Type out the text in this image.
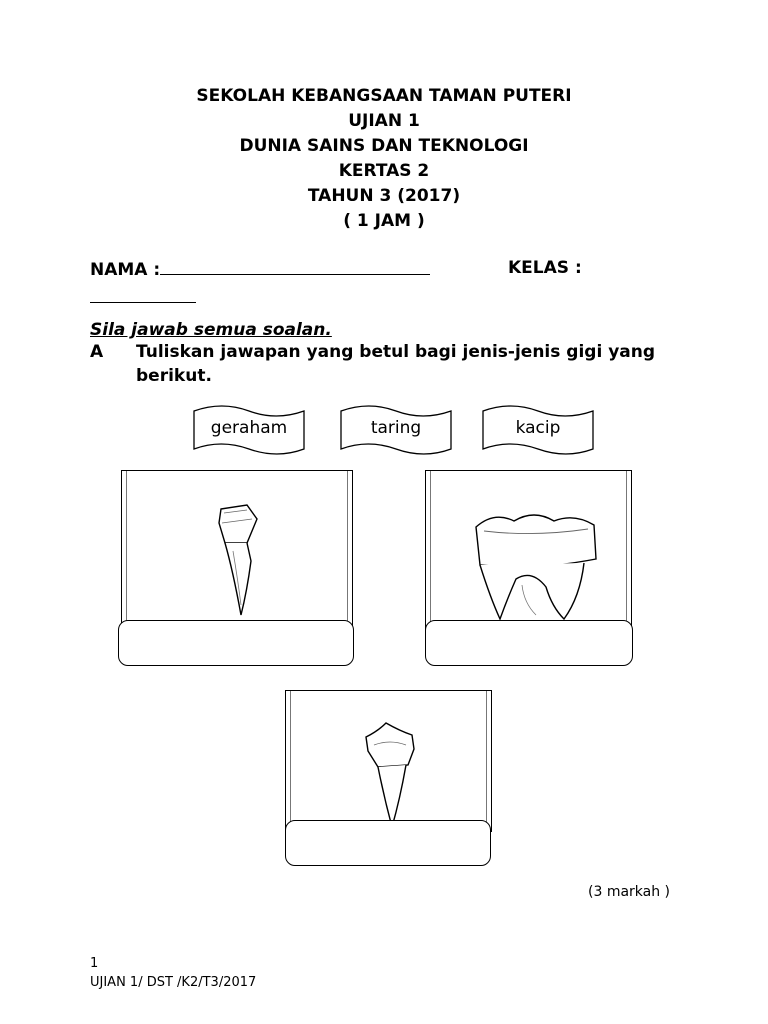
SEKOLAH KEBANGSAAN TAMAN PUTERI
UJIAN 1
DUNIA SAINS DAN TEKNOLOGI
KERTAS 2
TAHUN 3 (2017)
( 1 JAM )
NAMA :	KELAS :
Sila jawab semua soalan.
A Tuliskan jawapan yang betul bagi jenis-jenis gigi yang
berikut.
geraham	taring	kacip
(3 markah )
1
UJIAN 1/ DST /K2/T3/2017
